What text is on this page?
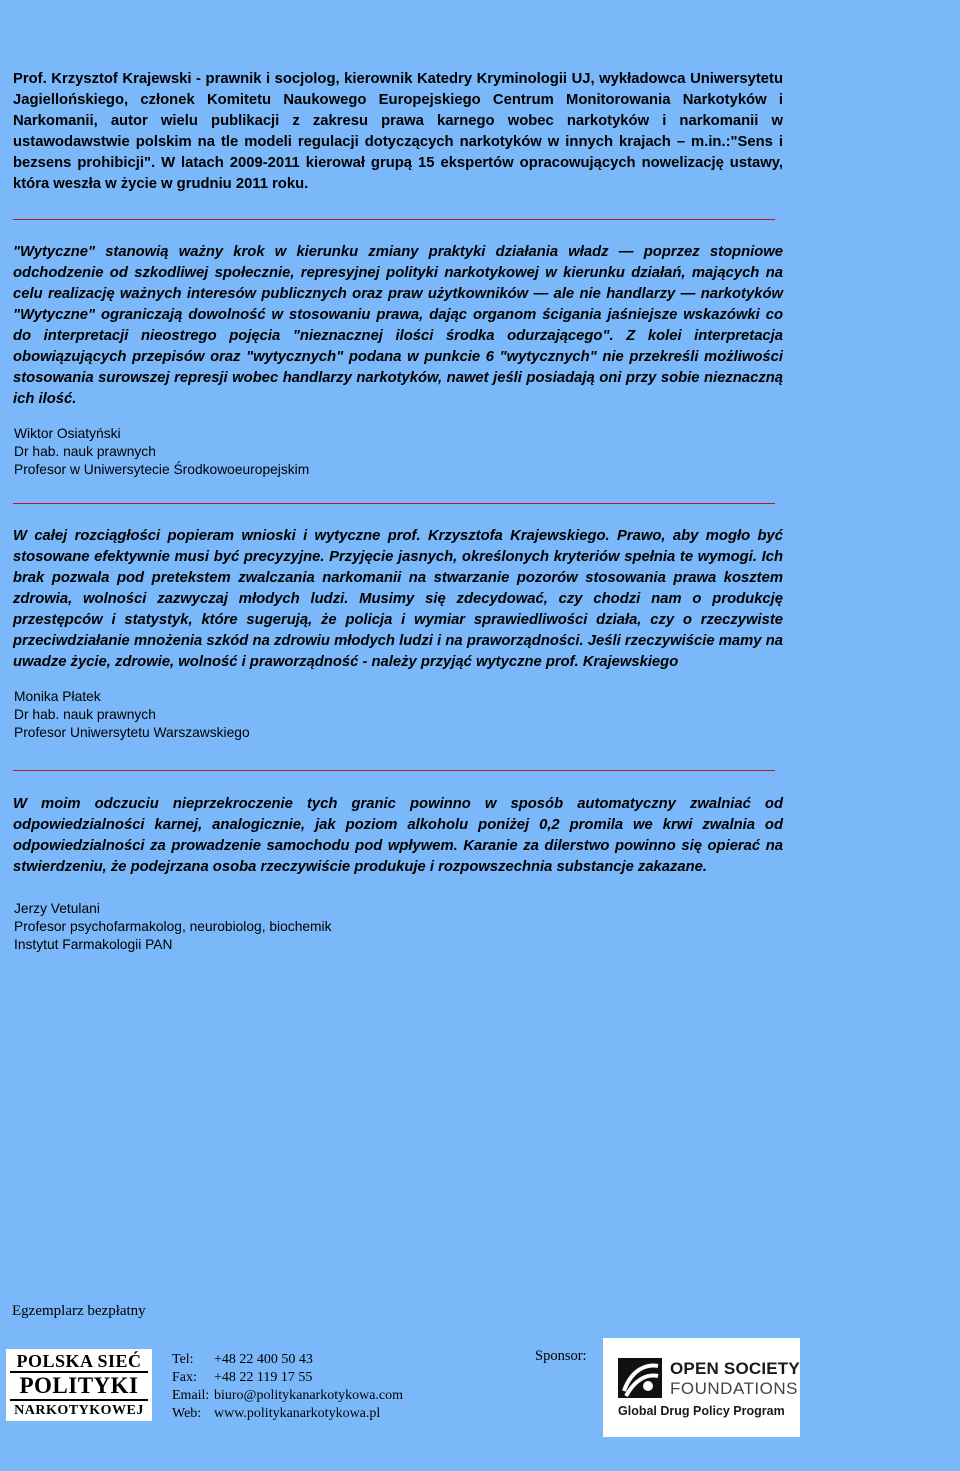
Prof. Krzysztof Krajewski - prawnik i socjolog, kierownik Katedry Kryminologii UJ, wykładowca Uniwersytetu Jagiellońskiego, członek Komitetu Naukowego Europejskiego Centrum Monitorowania Narkotyków i Narkomanii, autor wielu publikacji z zakresu prawa karnego wobec narkotyków i narkomanii w ustawodawstwie polskim na tle modeli regulacji dotyczących narkotyków w innych krajach – m.in.:"Sens i bezsens prohibicji". W latach 2009-2011 kierował grupą 15 ekspertów opracowujących nowelizację ustawy, która weszła w życie w grudniu 2011 roku.

"Wytyczne" stanowią ważny krok w kierunku zmiany praktyki działania władz — poprzez stopniowe odchodzenie od szkodliwej społecznie, represyjnej polityki narkotykowej w kierunku działań, mających na celu realizację ważnych interesów publicznych oraz praw użytkowników — ale nie handlarzy — narkotyków "Wytyczne" ograniczają dowolność w stosowaniu prawa, dając organom ścigania jaśniejsze wskazówki co do interpretacji nieostrego pojęcia "nieznacznej ilości środka odurzającego". Z kolei interpretacja obowiązujących przepisów oraz "wytycznych" podana w punkcie 6 "wytycznych" nie przekreśli możliwości stosowania surowszej represji wobec handlarzy narkotyków, nawet jeśli posiadają oni przy sobie nieznaczną ich ilość.

Wiktor Osiatyński
Dr hab. nauk prawnych
Profesor w Uniwersytecie Środkowoeuropejskim

W całej rozciągłości popieram wnioski i wytyczne prof. Krzysztofa Krajewskiego. Prawo, aby mogło być stosowane efektywnie musi być precyzyjne. Przyjęcie jasnych, określonych kryteriów spełnia te wymogi. Ich brak pozwala pod pretekstem zwalczania narkomanii na stwarzanie pozorów stosowania prawa kosztem zdrowia, wolności zazwyczaj młodych ludzi. Musimy się zdecydować, czy chodzi nam o produkcję przestępców i statystyk, które sugerują, że policja i wymiar sprawiedliwości działa, czy o rzeczywiste przeciwdziałanie mnożenia szkód na zdrowiu młodych ludzi i na praworządności. Jeśli rzeczywiście mamy na uwadze życie, zdrowie, wolność i praworządność - należy przyjąć wytyczne prof. Krajewskiego

Monika Płatek
Dr hab. nauk prawnych
Profesor Uniwersytetu Warszawskiego

W moim odczuciu nieprzekroczenie tych granic powinno w sposób automatyczny zwalniać od odpowiedzialności karnej, analogicznie, jak poziom alkoholu poniżej 0,2 promila we krwi zwalnia od odpowiedzialności za prowadzenie samochodu pod wpływem. Karanie za dilerstwo powinno się opierać na stwierdzeniu, że podejrzana osoba rzeczywiście produkuje i rozpowszechnia substancje zakazane.

Jerzy Vetulani
Profesor psychofarmakolog, neurobiolog, biochemik
Instytut Farmakologii PAN
Egzemplarz bezpłatny
POLSKA SIEĆ
POLITYKI
NARKOTYKOWEJ
Tel:	+48 22 400 50 43
Fax:	+48 22 119 17 55
Email: biuro@politykanarkotykowa.com
Web: www.politykanarkotykowa.pl
Sponsor:
OPEN SOCIETY
FOUNDATIONS
Global Drug Policy Program
